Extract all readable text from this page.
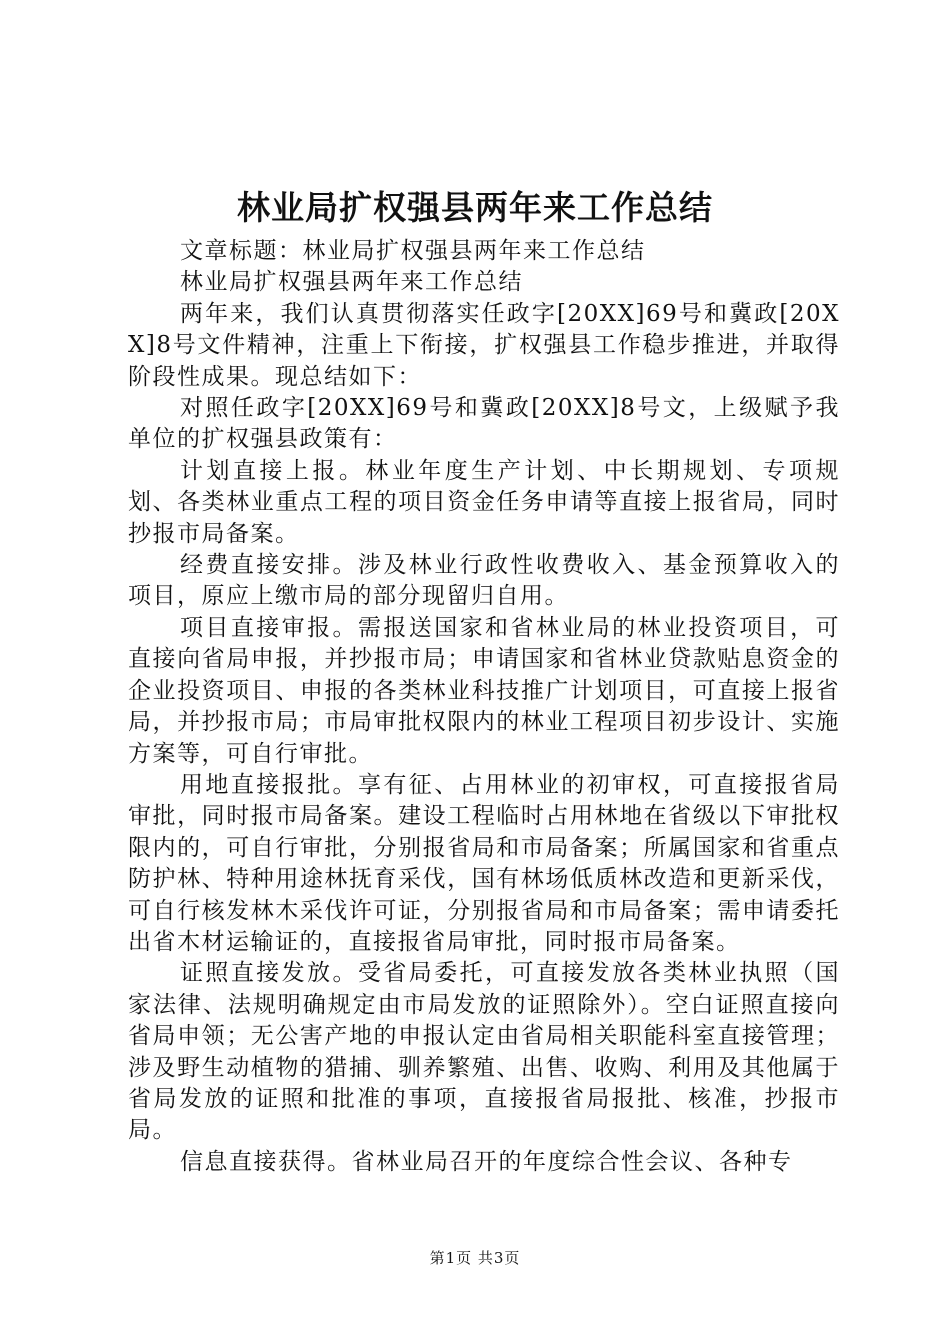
林业局扩权强县两年来工作总结

文章标题：林业局扩权强县两年来工作总结

林业局扩权强县两年来工作总结

两年来，我们认真贯彻落实任政字[20XX]69号和冀政[20XX]8号文件精神，注重上下衔接，扩权强县工作稳步推进，并取得阶段性成果。现总结如下：

对照任政字[20XX]69号和冀政[20XX]8号文，上级赋予我单位的扩权强县政策有：

计划直接上报。林业年度生产计划、中长期规划、专项规划、各类林业重点工程的项目资金任务申请等直接上报省局，同时抄报市局备案。

经费直接安排。涉及林业行政性收费收入、基金预算收入的项目，原应上缴市局的部分现留归自用。

项目直接审报。需报送国家和省林业局的林业投资项目，可直接向省局申报，并抄报市局；申请国家和省林业贷款贴息资金的企业投资项目、申报的各类林业科技推广计划项目，可直接上报省局，并抄报市局；市局审批权限内的林业工程项目初步设计、实施方案等，可自行审批。

用地直接报批。享有征、占用林业的初审权，可直接报省局审批，同时报市局备案。建设工程临时占用林地在省级以下审批权限内的，可自行审批，分别报省局和市局备案；所属国家和省重点防护林、特种用途林抚育采伐，国有林场低质林改造和更新采伐，可自行核发林木采伐许可证，分别报省局和市局备案；需申请委托出省木材运输证的，直接报省局审批，同时报市局备案。

证照直接发放。受省局委托，可直接发放各类林业执照（国家法律、法规明确规定由市局发放的证照除外）。空白证照直接向省局申领；无公害产地的申报认定由省局相关职能科室直接管理；涉及野生动植物的猎捕、驯养繁殖、出售、收购、利用及其他属于省局发放的证照和批准的事项，直接报省局报批、核准，抄报市局。

信息直接获得。省林业局召开的年度综合性会议、各种专

第1页 共3页
